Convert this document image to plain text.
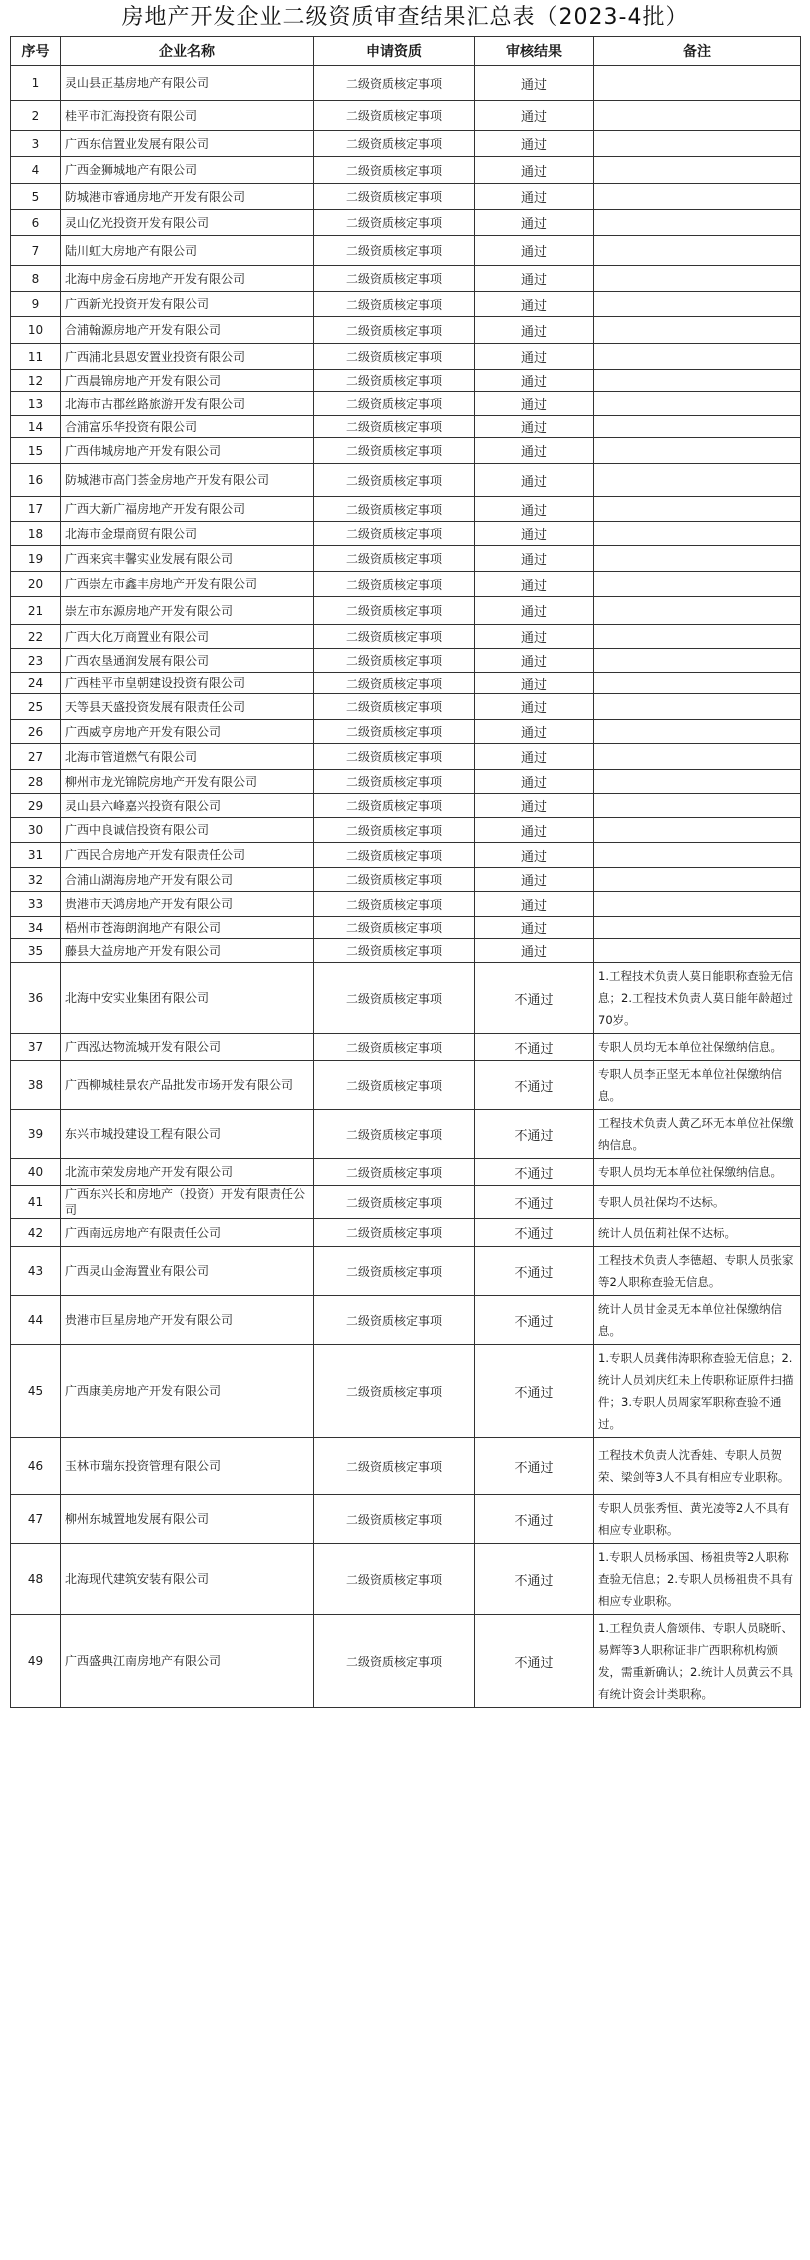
房地产开发企业二级资质审查结果汇总表（2023-4批）
序号	企业名称	申请资质	审核结果	备注
1	灵山县正基房地产有限公司	二级资质核定事项	通过	
2	桂平市汇海投资有限公司	二级资质核定事项	通过	
3	广西东信置业发展有限公司	二级资质核定事项	通过	
4	广西金狮城地产有限公司	二级资质核定事项	通过	
5	防城港市睿通房地产开发有限公司	二级资质核定事项	通过	
6	灵山亿光投资开发有限公司	二级资质核定事项	通过	
7	陆川虹大房地产有限公司	二级资质核定事项	通过	
8	北海中房金石房地产开发有限公司	二级资质核定事项	通过	
9	广西新光投资开发有限公司	二级资质核定事项	通过	
10	合浦翰源房地产开发有限公司	二级资质核定事项	通过	
11	广西浦北县恩安置业投资有限公司	二级资质核定事项	通过	
12	广西晨锦房地产开发有限公司	二级资质核定事项	通过	
13	北海市古郡丝路旅游开发有限公司	二级资质核定事项	通过	
14	合浦富乐华投资有限公司	二级资质核定事项	通过	
15	广西伟城房地产开发有限公司	二级资质核定事项	通过	
16	防城港市高门荟金房地产开发有限公司	二级资质核定事项	通过	
17	广西大新广福房地产开发有限公司	二级资质核定事项	通过	
18	北海市金璟商贸有限公司	二级资质核定事项	通过	
19	广西来宾丰馨实业发展有限公司	二级资质核定事项	通过	
20	广西崇左市鑫丰房地产开发有限公司	二级资质核定事项	通过	
21	崇左市东源房地产开发有限公司	二级资质核定事项	通过	
22	广西大化万商置业有限公司	二级资质核定事项	通过	
23	广西农垦通润发展有限公司	二级资质核定事项	通过	
24	广西桂平市皇朝建设投资有限公司	二级资质核定事项	通过	
25	天等县天盛投资发展有限责任公司	二级资质核定事项	通过	
26	广西威亨房地产开发有限公司	二级资质核定事项	通过	
27	北海市管道燃气有限公司	二级资质核定事项	通过	
28	柳州市龙光锦院房地产开发有限公司	二级资质核定事项	通过	
29	灵山县六峰嘉兴投资有限公司	二级资质核定事项	通过	
30	广西中良诚信投资有限公司	二级资质核定事项	通过	
31	广西民合房地产开发有限责任公司	二级资质核定事项	通过	
32	合浦山湖海房地产开发有限公司	二级资质核定事项	通过	
33	贵港市天鸿房地产开发有限公司	二级资质核定事项	通过	
34	梧州市苍海朗润地产有限公司	二级资质核定事项	通过	
35	藤县大益房地产开发有限公司	二级资质核定事项	通过	
36	北海中安实业集团有限公司	二级资质核定事项	不通过	1.工程技术负责人莫日能职称查验无信息；2.工程技术负责人莫日能年龄超过70岁。
37	广西泓达物流城开发有限公司	二级资质核定事项	不通过	专职人员均无本单位社保缴纳信息。
38	广西柳城桂景农产品批发市场开发有限公司	二级资质核定事项	不通过	专职人员李正坚无本单位社保缴纳信息。
39	东兴市城投建设工程有限公司	二级资质核定事项	不通过	工程技术负责人黄乙环无本单位社保缴纳信息。
40	北流市荣发房地产开发有限公司	二级资质核定事项	不通过	专职人员均无本单位社保缴纳信息。
41	广西东兴长和房地产（投资）开发有限责任公司	二级资质核定事项	不通过	专职人员社保均不达标。
42	广西南远房地产有限责任公司	二级资质核定事项	不通过	统计人员伍莉社保不达标。
43	广西灵山金海置业有限公司	二级资质核定事项	不通过	工程技术负责人李德超、专职人员张家等2人职称查验无信息。
44	贵港市巨星房地产开发有限公司	二级资质核定事项	不通过	统计人员甘金灵无本单位社保缴纳信息。
45	广西康美房地产开发有限公司	二级资质核定事项	不通过	1.专职人员龚伟涛职称查验无信息；2.统计人员刘庆红未上传职称证原件扫描件；3.专职人员周家军职称查验不通过。
46	玉林市瑞东投资管理有限公司	二级资质核定事项	不通过	工程技术负责人沈香娃、专职人员贺荣、梁剑等3人不具有相应专业职称。
47	柳州东城置地发展有限公司	二级资质核定事项	不通过	专职人员张秀恒、黄光凌等2人不具有相应专业职称。
48	北海现代建筑安装有限公司	二级资质核定事项	不通过	1.专职人员杨承国、杨祖贵等2人职称查验无信息；2.专职人员杨祖贵不具有相应专业职称。
49	广西盛典江南房地产有限公司	二级资质核定事项	不通过	1.工程负责人詹颂伟、专职人员晓昕、易辉等3人职称证非广西职称机构颁发，需重新确认；2.统计人员黄云不具有统计资会计类职称。
